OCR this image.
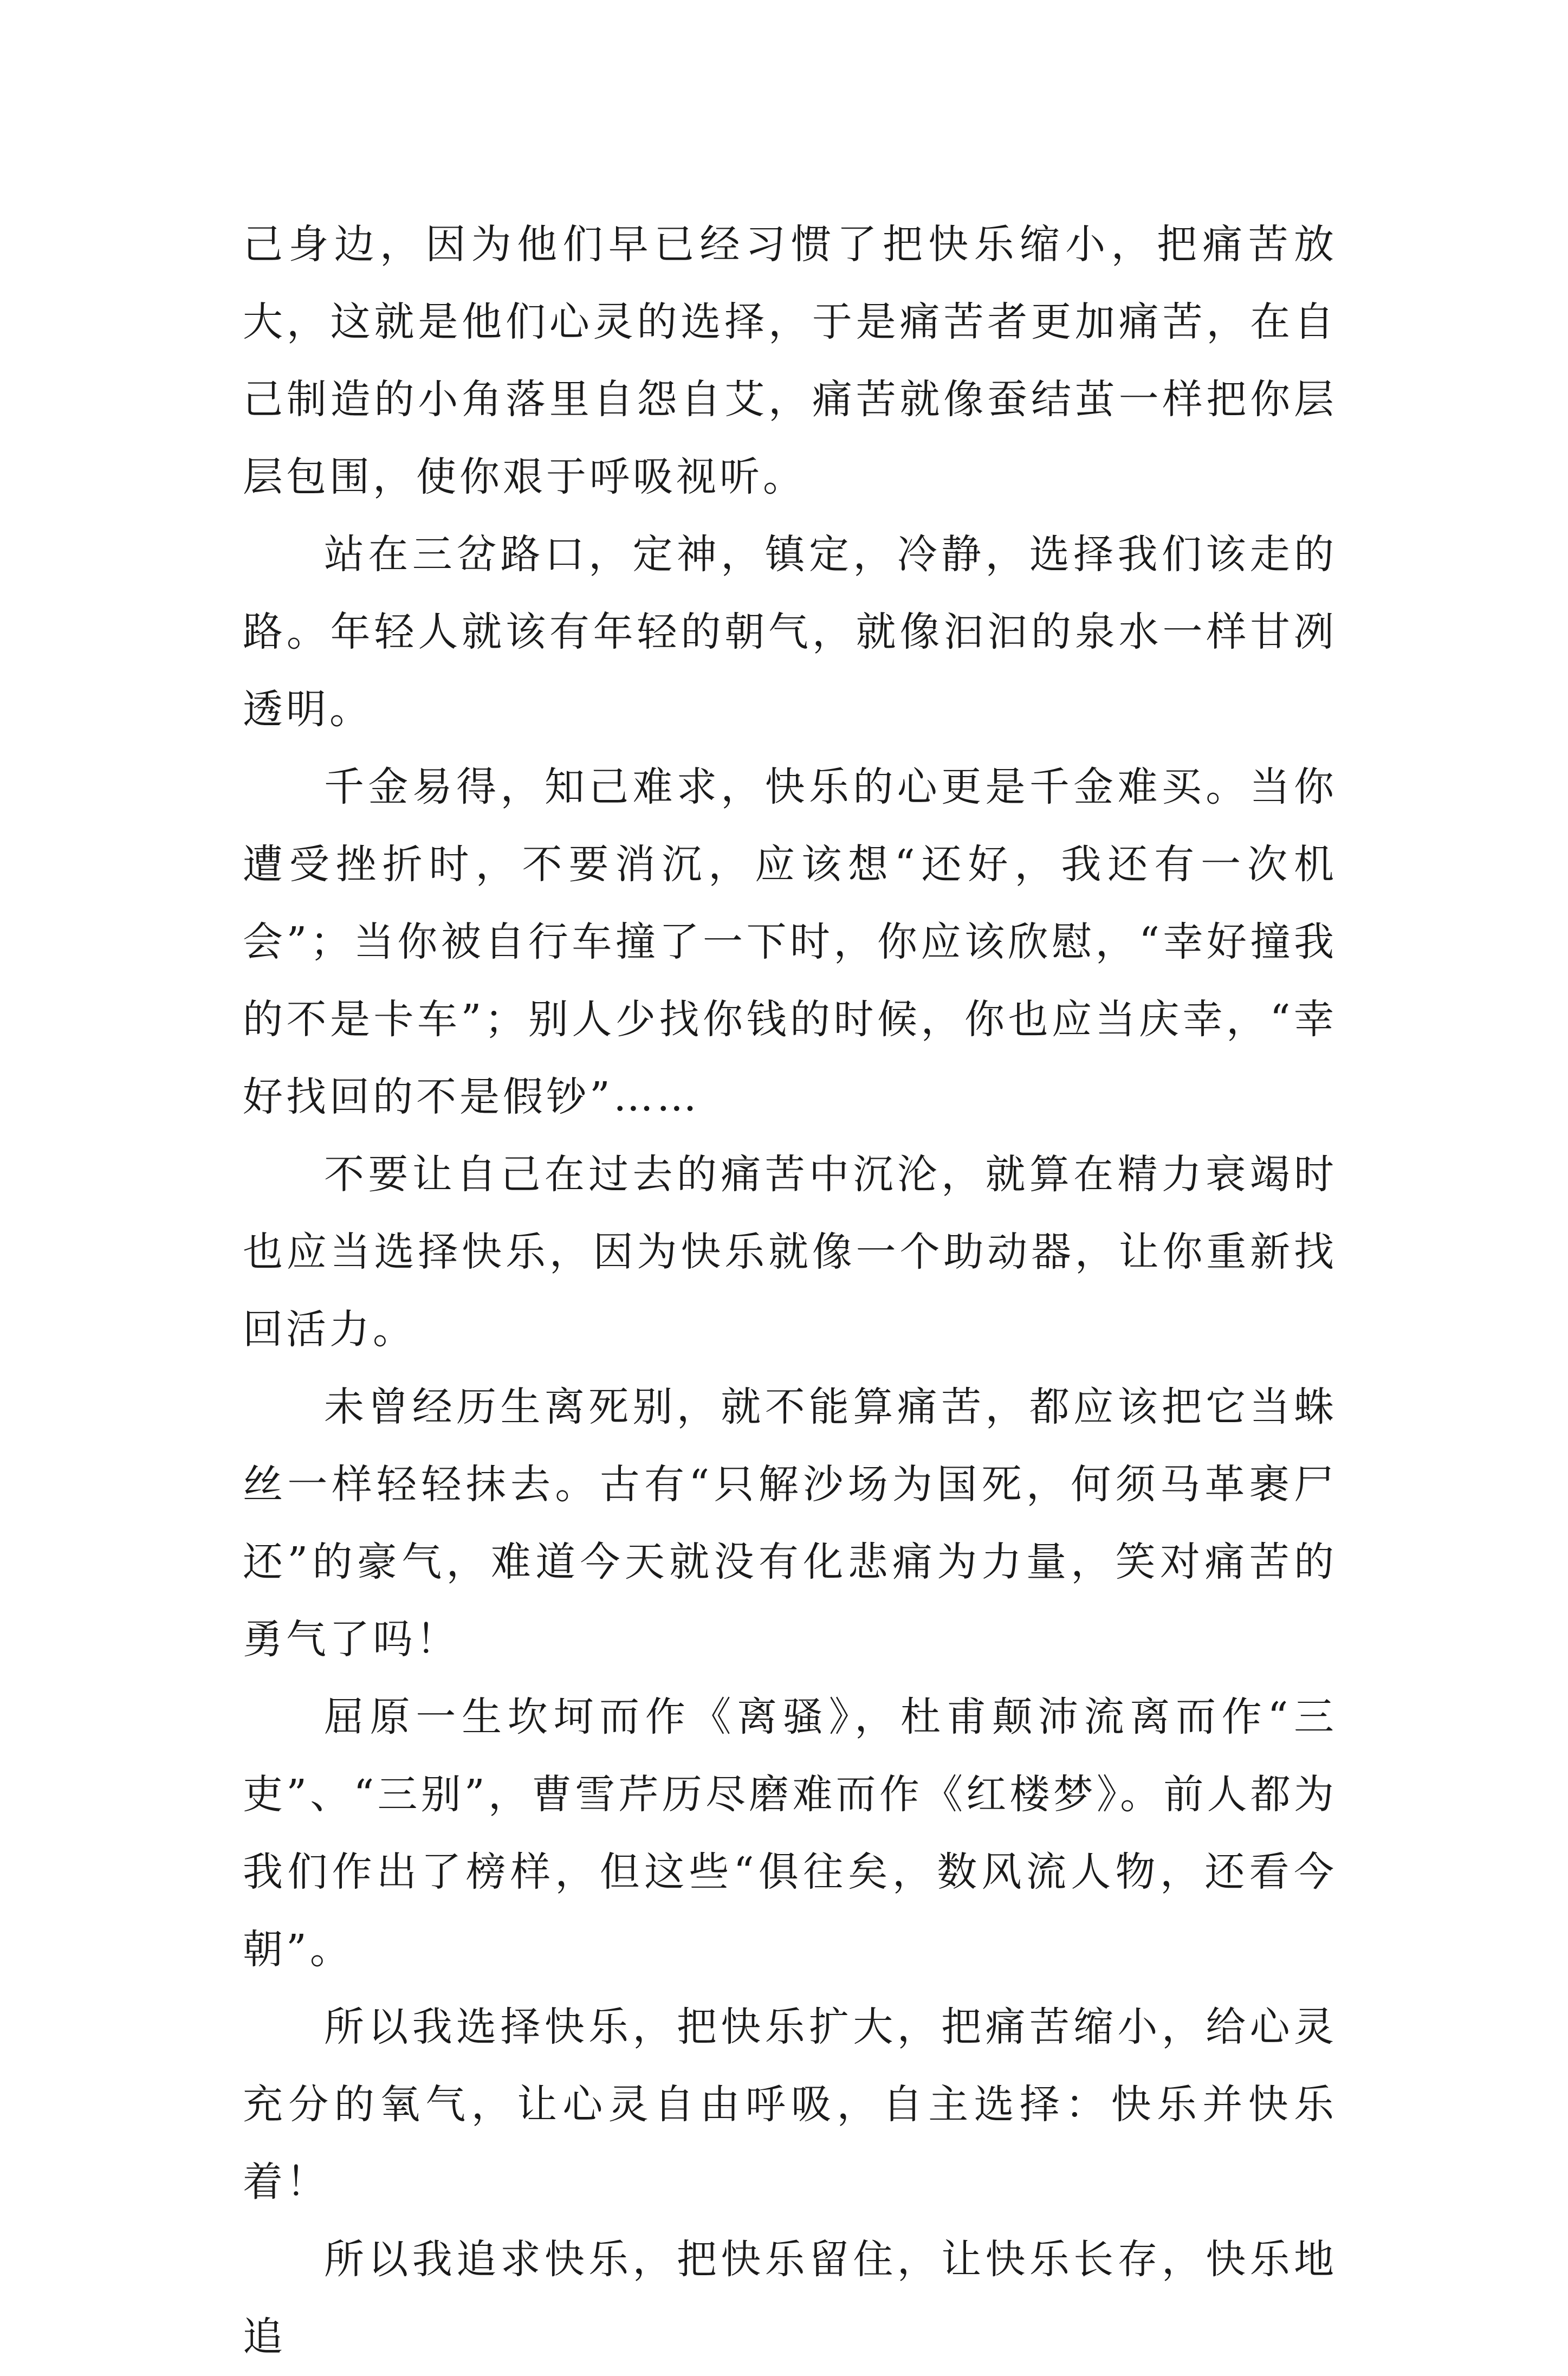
己身边，因为他们早已经习惯了把快乐缩小，把痛苦放大，这就是他们心灵的选择，于是痛苦者更加痛苦，在自己制造的小角落里自怨自艾，痛苦就像蚕结茧一样把你层层包围，使你艰于呼吸视听。

站在三岔路口，定神，镇定，冷静，选择我们该走的路。年轻人就该有年轻的朝气，就像汩汩的泉水一样甘冽透明。

千金易得，知己难求，快乐的心更是千金难买。当你遭受挫折时，不要消沉，应该想“还好，我还有一次机会”；当你被自行车撞了一下时，你应该欣慰，“幸好撞我的不是卡车”；别人少找你钱的时候，你也应当庆幸，“幸好找回的不是假钞”……

不要让自己在过去的痛苦中沉沦，就算在精力衰竭时也应当选择快乐，因为快乐就像一个助动器，让你重新找回活力。

未曾经历生离死别，就不能算痛苦，都应该把它当蛛丝一样轻轻抹去。古有“只解沙场为国死，何须马革裹尸还”的豪气，难道今天就没有化悲痛为力量，笑对痛苦的勇气了吗！

屈原一生坎坷而作《离骚》，杜甫颠沛流离而作“三吏”、“三别”，曹雪芹历尽磨难而作《红楼梦》。前人都为我们作出了榜样，但这些“俱往矣，数风流人物，还看今朝”。

所以我选择快乐，把快乐扩大，把痛苦缩小，给心灵充分的氧气，让心灵自由呼吸，自主选择：快乐并快乐着！

所以我追求快乐，把快乐留住，让快乐长存，快乐地追
